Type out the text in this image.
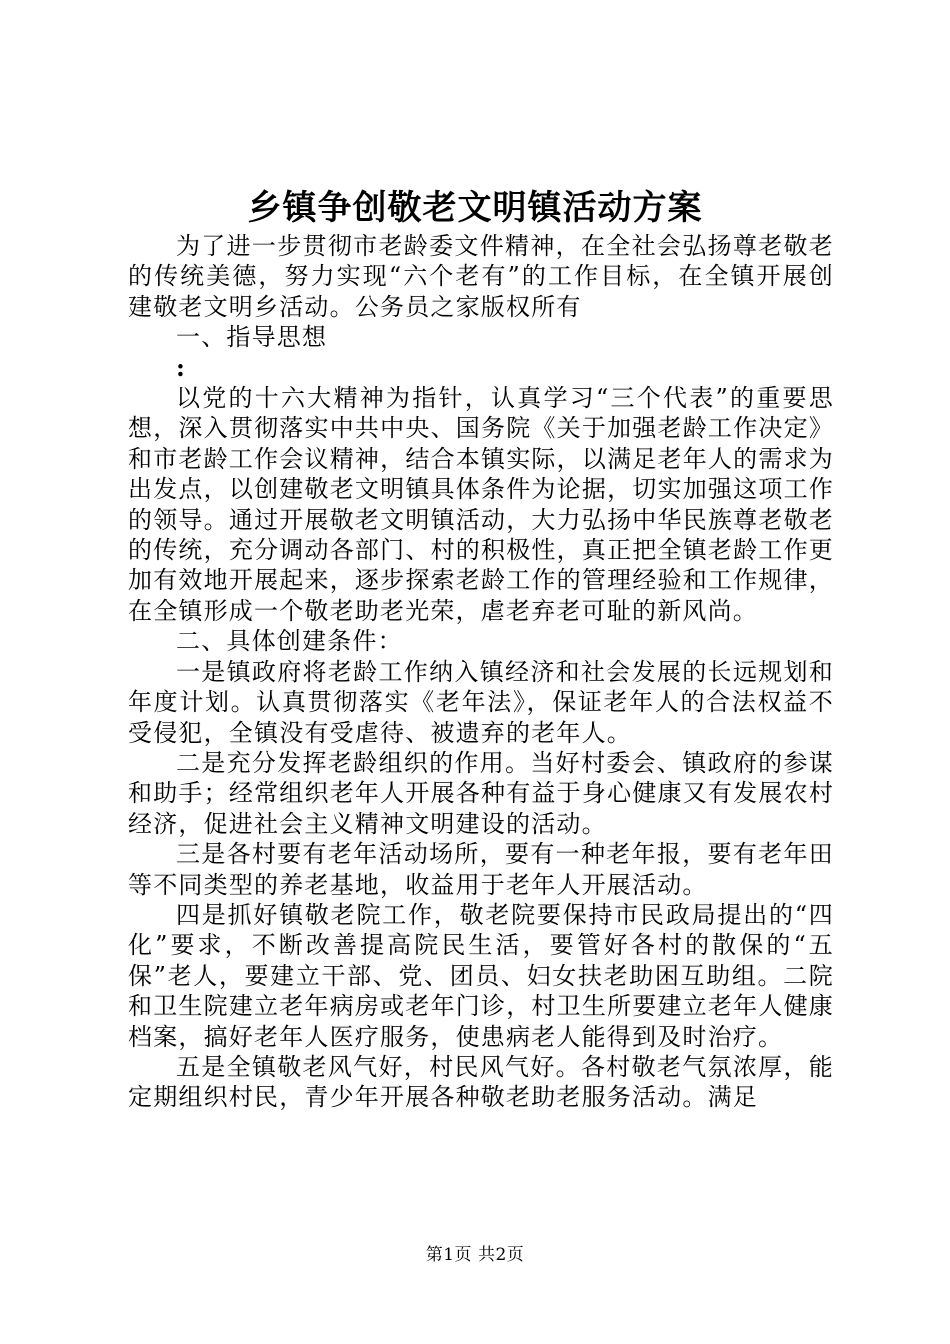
乡镇争创敬老文明镇活动方案

为了进一步贯彻市老龄委文件精神，在全社会弘扬尊老敬老的传统美德，努力实现“六个老有”的工作目标，在全镇开展创建敬老文明乡活动。公务员之家版权所有

一、指导思想

:

以党的十六大精神为指针，认真学习“三个代表”的重要思想，深入贯彻落实中共中央、国务院《关于加强老龄工作决定》和市老龄工作会议精神，结合本镇实际，以满足老年人的需求为出发点，以创建敬老文明镇具体条件为论据，切实加强这项工作的领导。通过开展敬老文明镇活动，大力弘扬中华民族尊老敬老的传统，充分调动各部门、村的积极性，真正把全镇老龄工作更加有效地开展起来，逐步探索老龄工作的管理经验和工作规律，在全镇形成一个敬老助老光荣，虐老弃老可耻的新风尚。

二、具体创建条件：

一是镇政府将老龄工作纳入镇经济和社会发展的长远规划和年度计划。认真贯彻落实《老年法》，保证老年人的合法权益不受侵犯，全镇没有受虐待、被遗弃的老年人。

二是充分发挥老龄组织的作用。当好村委会、镇政府的参谋和助手；经常组织老年人开展各种有益于身心健康又有发展农村经济，促进社会主义精神文明建设的活动。

三是各村要有老年活动场所，要有一种老年报，要有老年田等不同类型的养老基地，收益用于老年人开展活动。

四是抓好镇敬老院工作，敬老院要保持市民政局提出的“四化”要求，不断改善提高院民生活，要管好各村的散保的“五保”老人，要建立干部、党、团员、妇女扶老助困互助组。二院和卫生院建立老年病房或老年门诊，村卫生所要建立老年人健康档案，搞好老年人医疗服务，使患病老人能得到及时治疗。

五是全镇敬老风气好，村民风气好。各村敬老气氛浓厚，能定期组织村民，青少年开展各种敬老助老服务活动。满足

第1页 共2页
